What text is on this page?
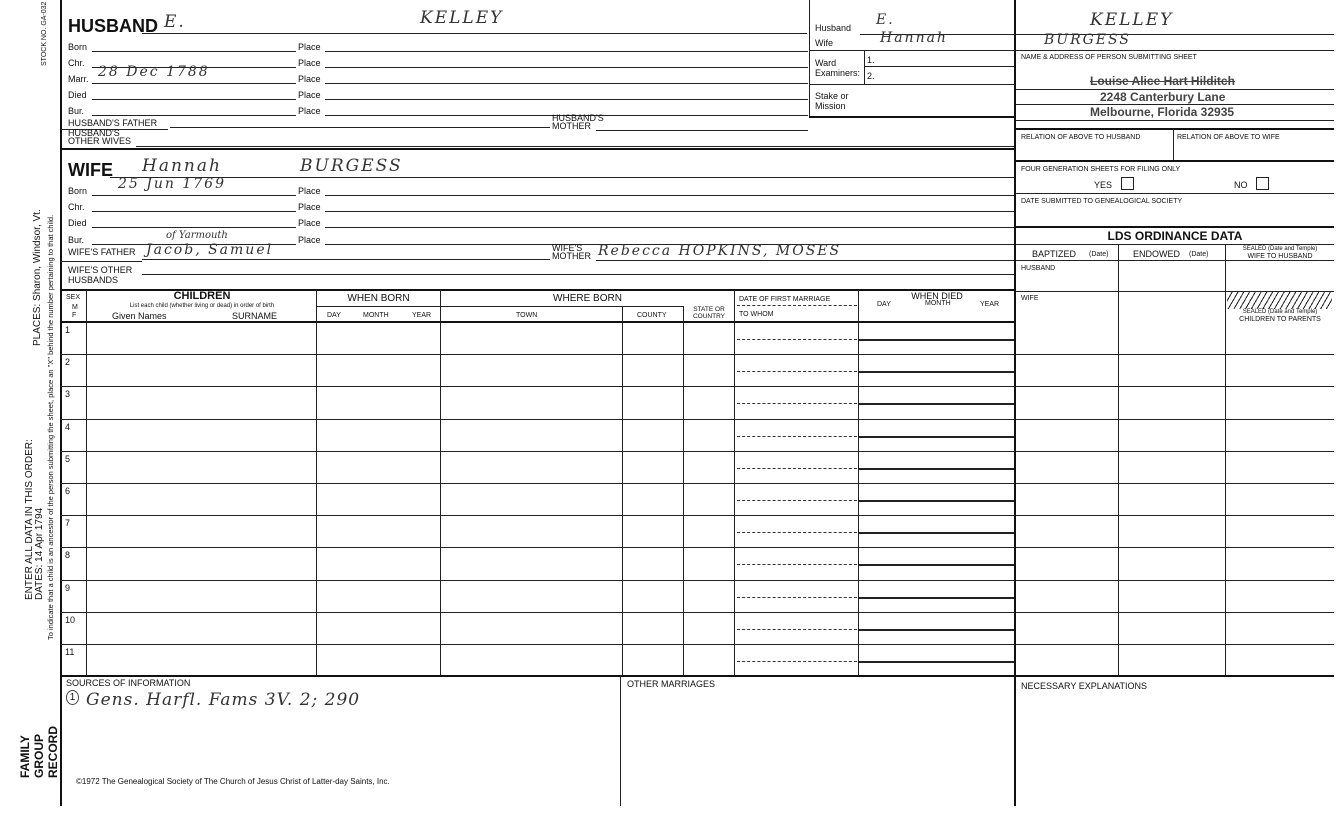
STOCK NO. GA-032
PLACES: Sharon, Windsor, Vt.
ENTER ALL DATA IN THIS ORDER: DATES: 14 Apr 1794 To indicate that a child is an ancestor of the person submitting the sheet, place an "X" behind the number pertaining to that child.
FAMILY GROUP RECORD
HUSBAND E.	KELLEY
Born	Place
Chr.	Place
Marr. 28 Dec 1788	Place
Died	Place
Bur.	Place
HUSBAND'S FATHER	HUSBAND'S
MOTHER
HUSBAND'S
OTHER WIVES
Husband E.	KELLEY
Wife	Hannah	BURGESS
Ward
Examiners:
1.
2.
Stake or
Mission
NAME & ADDRESS OF PERSON SUBMITTING SHEET
Louise Alice Hart Hilditch
2248 Canterbury Lane
Melbourne, Florida 32935
RELATION OF ABOVE TO HUSBAND	RELATION OF ABOVE TO WIFE
FOUR GENERATION SHEETS FOR FILING ONLY
YES	NO
DATE SUBMITTED TO GENEALOGICAL SOCIETY
LDS ORDINANCE DATA
BAPTIZED (Date)	ENDOWED (Date)
SEALED (Date and Temple)
WIFE TO HUSBAND
HUSBAND
WIFE
SEALED (Date and Temple)
CHILDREN TO PARENTS
WIFE Hannah	BURGESS
Born 25 Jun 1769	Place
Chr.	Place
Died	Place
Bur.	Place
of Yarmouth
WIFE'S FATHER Jacob, Samuel	WIFE'S
MOTHER Rebecca HOPKINS, MOSES
WIFE'S OTHER
HUSBANDS
SEX
M
F
CHILDREN
List each child (whether living or dead) in order of birth
Given Names	SURNAME
WHEN BORN
DAY	MONTH	YEAR
WHERE BORN
TOWN	COUNTY
STATE OR
COUNTRY
DATE OF FIRST MARRIAGE
TO WHOM
WHEN DIED
DAY	MONTH	YEAR
1
2
3
4
5
6
7
8
9
10
11
SOURCES OF INFORMATION
1 Gens. Harfl. Fams 3V. 2; 290
OTHER MARRIAGES	NECESSARY EXPLANATIONS
©1972 The Genealogical Society of The Church of Jesus Christ of Latter-day Saints, Inc.
